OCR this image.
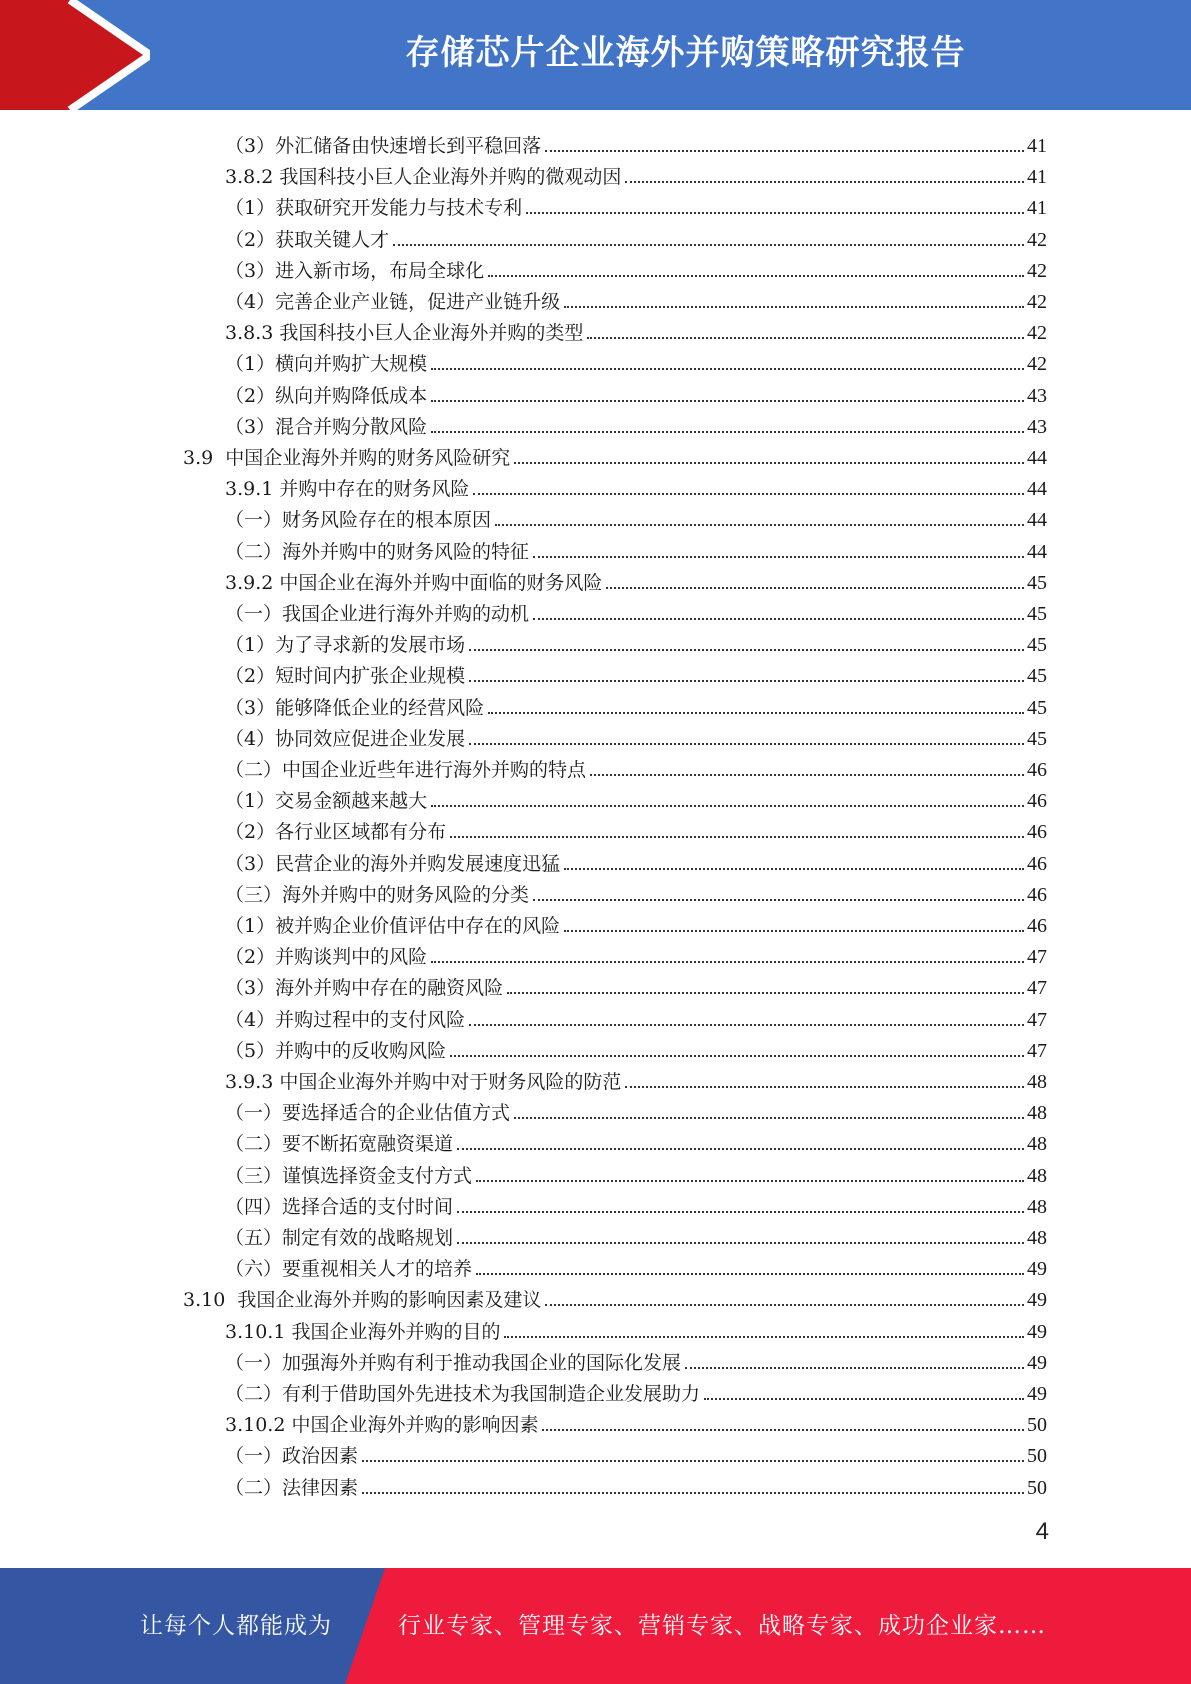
存储芯片企业海外并购策略研究报告
（3）外汇储备由快速增长到平稳回落	41
3.8.2 我国科技小巨人企业海外并购的微观动因	41
（1）获取研究开发能力与技术专利	41
（2）获取关键人才	42
（3）进入新市场，布局全球化	42
（4）完善企业产业链，促进产业链升级	42
3.8.3 我国科技小巨人企业海外并购的类型	42
（1）横向并购扩大规模	42
（2）纵向并购降低成本	43
（3）混合并购分散风险	43
3.9  中国企业海外并购的财务风险研究	44
3.9.1 并购中存在的财务风险	44
（一）财务风险存在的根本原因	44
（二）海外并购中的财务风险的特征	44
3.9.2 中国企业在海外并购中面临的财务风险	45
（一）我国企业进行海外并购的动机	45
（1）为了寻求新的发展市场	45
（2）短时间内扩张企业规模	45
（3）能够降低企业的经营风险	45
（4）协同效应促进企业发展	45
（二）中国企业近些年进行海外并购的特点	46
（1）交易金额越来越大	46
（2）各行业区域都有分布	46
（3）民营企业的海外并购发展速度迅猛	46
（三）海外并购中的财务风险的分类	46
（1）被并购企业价值评估中存在的风险	46
（2）并购谈判中的风险	47
（3）海外并购中存在的融资风险	47
（4）并购过程中的支付风险	47
（5）并购中的反收购风险	47
3.9.3 中国企业海外并购中对于财务风险的防范	48
（一）要选择适合的企业估值方式	48
（二）要不断拓宽融资渠道	48
（三）谨慎选择资金支付方式	48
（四）选择合适的支付时间	48
（五）制定有效的战略规划	48
（六）要重视相关人才的培养	49
3.10  我国企业海外并购的影响因素及建议	49
3.10.1 我国企业海外并购的目的	49
（一）加强海外并购有利于推动我国企业的国际化发展	49
（二）有利于借助国外先进技术为我国制造企业发展助力	49
3.10.2 中国企业海外并购的影响因素	50
（一）政治因素	50
（二）法律因素	50
4
让每个人都能成为	行业专家、管理专家、营销专家、战略专家、成功企业家……
